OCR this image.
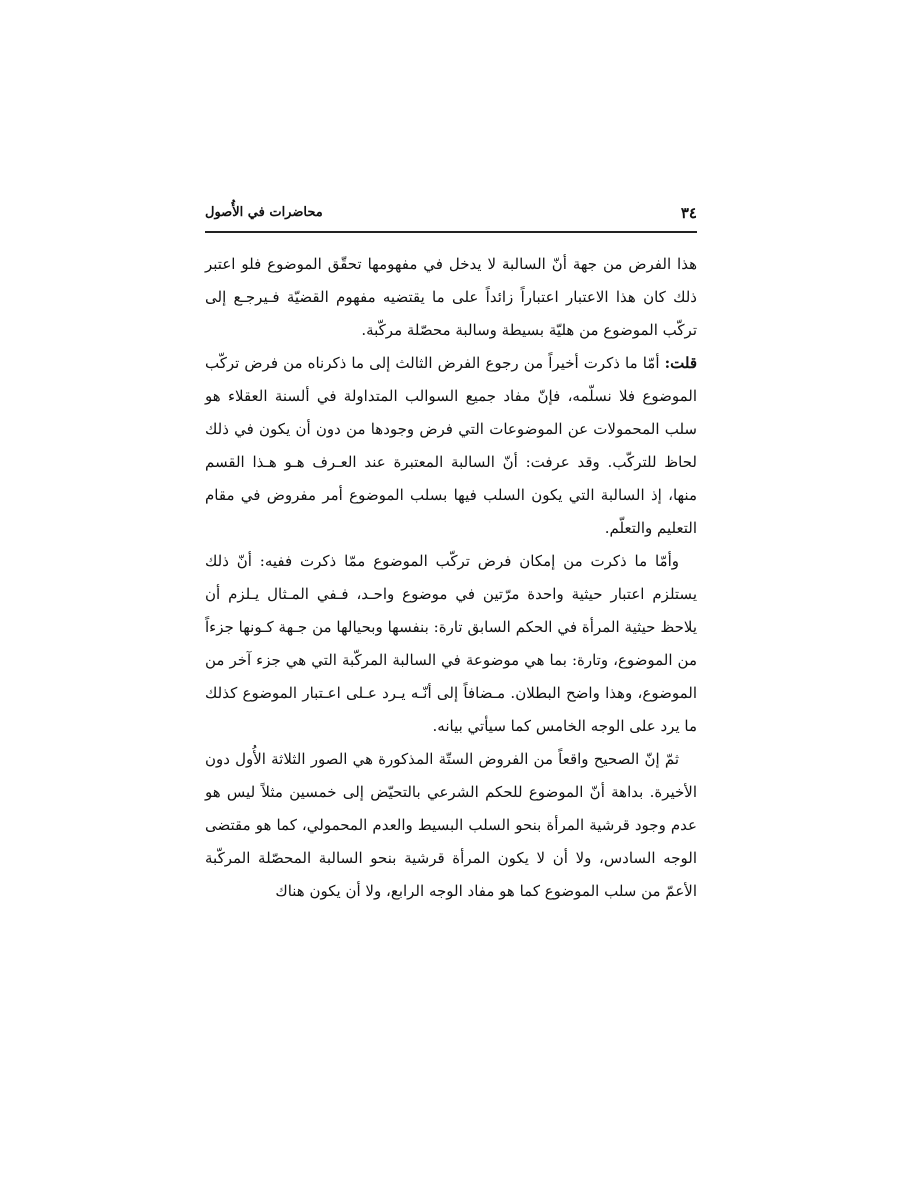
٣٤
محاضرات في الأُصول

هذا الفرض من جهة أنّ السالبة لا يدخل في مفهومها تحقّق الموضوع فلو اعتبر ذلك كان هذا الاعتبار اعتباراً زائداً على ما يقتضيه مفهوم القضيّة فـيرجـع إلى تركّب الموضوع من هليّة بسيطة وسالبة محصّلة مركّبة.

قلت: أمّا ما ذكرت أخيراً من رجوع الفرض الثالث إلى ما ذكرناه من فرض تركّب الموضوع فلا نسلّمه، فإنّ مفاد جميع السوالب المتداولة في ألسنة العقلاء هو سلب المحمولات عن الموضوعات التي فرض وجودها من دون أن يكون في ذلك لحاظ للتركّب. وقد عرفت: أنّ السالبة المعتبرة عند العـرف هـو هـذا القسم منها، إذ السالبة التي يكون السلب فيها بسلب الموضوع أمر مفروض في مقام التعليم والتعلّم.

وأمّا ما ذكرت من إمكان فرض تركّب الموضوع ممّا ذكرت ففيه: أنّ ذلك يستلزم اعتبار حيثية واحدة مرّتين في موضوع واحـد، فـفي المـثال يـلزم أن يلاحظ حيثية المرأة في الحكم السابق تارة: بنفسها وبحيالها من جـهة كـونها جزءاً من الموضوع، وتارة: بما هي موضوعة في السالبة المركّبة التي هي جزء آخر من الموضوع، وهذا واضح البطلان. مـضافاً إلى أنّـه يـرد عـلى اعـتبار الموضوع كذلك ما يرد على الوجه الخامس كما سيأتي بيانه.

ثمّ إنّ الصحيح واقعاً من الفروض الستّة المذكورة هي الصور الثلاثة الأُول دون الأخيرة. بداهة أنّ الموضوع للحكم الشرعي بالتحيّض إلى خمسين مثلاً ليس هو عدم وجود قرشية المرأة بنحو السلب البسيط والعدم المحمولي، كما هو مقتضى الوجه السادس، ولا أن لا يكون المرأة قرشية بنحو السالبة المحصّلة المركّبة الأعمّ من سلب الموضوع كما هو مفاد الوجه الرابع، ولا أن يكون هناك
